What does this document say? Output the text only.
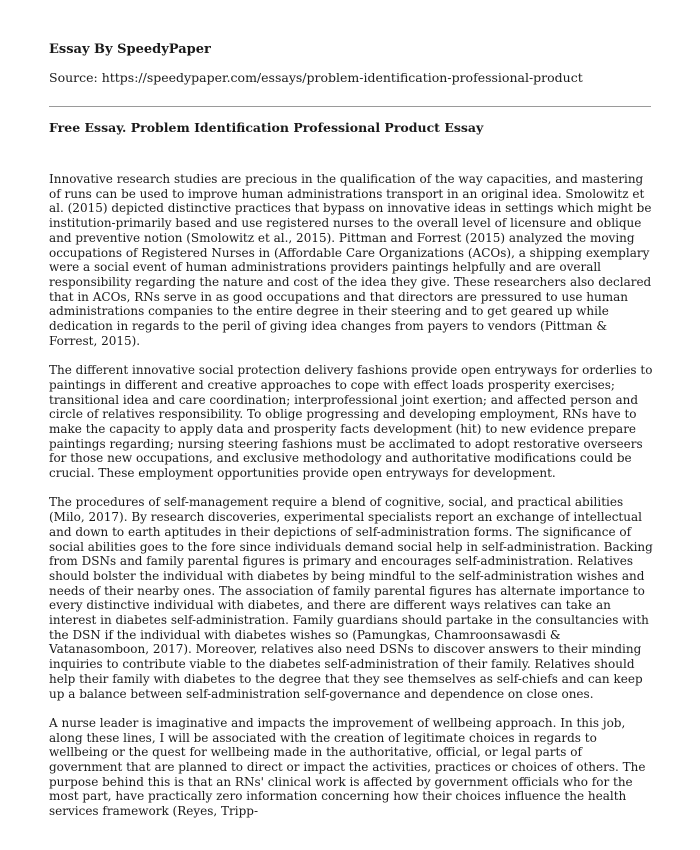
Essay By SpeedyPaper
Source: https://speedypaper.com/essays/problem-identification-professional-product
Free Essay. Problem Identification Professional Product Essay

Innovative research studies are precious in the qualification of the way capacities, and mastering of runs can be used to improve human administrations transport in an original idea. Smolowitz et al. (2015) depicted distinctive practices that bypass on innovative ideas in settings which might be institution-primarily based and use registered nurses to the overall level of licensure and oblique and preventive notion (Smolowitz et al., 2015). Pittman and Forrest (2015) analyzed the moving occupations of Registered Nurses in (Affordable Care Organizations (ACOs), a shipping exemplary were a social event of human administrations providers paintings helpfully and are overall responsibility regarding the nature and cost of the idea they give. These researchers also declared that in ACOs, RNs serve in as good occupations and that directors are pressured to use human administrations companies to the entire degree in their steering and to get geared up while dedication in regards to the peril of giving idea changes from payers to vendors (Pittman & Forrest, 2015).

The different innovative social protection delivery fashions provide open entryways for orderlies to paintings in different and creative approaches to cope with effect loads prosperity exercises; transitional idea and care coordination; interprofessional joint exertion; and affected person and circle of relatives responsibility. To oblige progressing and developing employment, RNs have to make the capacity to apply data and prosperity facts development (hit) to new evidence prepare paintings regarding; nursing steering fashions must be acclimated to adopt restorative overseers for those new occupations, and exclusive methodology and authoritative modifications could be crucial. These employment opportunities provide open entryways for development.

The procedures of self-management require a blend of cognitive, social, and practical abilities (Milo, 2017). By research discoveries, experimental specialists report an exchange of intellectual and down to earth aptitudes in their depictions of self-administration forms. The significance of social abilities goes to the fore since individuals demand social help in self-administration. Backing from DSNs and family parental figures is primary and encourages self-administration. Relatives should bolster the individual with diabetes by being mindful to the self-administration wishes and needs of their nearby ones. The association of family parental figures has alternate importance to every distinctive individual with diabetes, and there are different ways relatives can take an interest in diabetes self-administration. Family guardians should partake in the consultancies with the DSN if the individual with diabetes wishes so (Pamungkas, Chamroonsawasdi & Vatanasomboon, 2017). Moreover, relatives also need DSNs to discover answers to their minding inquiries to contribute viable to the diabetes self-administration of their family. Relatives should help their family with diabetes to the degree that they see themselves as self-chiefs and can keep up a balance between self-administration self-governance and dependence on close ones.

A nurse leader is imaginative and impacts the improvement of wellbeing approach. In this job, along these lines, I will be associated with the creation of legitimate choices in regards to wellbeing or the quest for wellbeing made in the authoritative, official, or legal parts of government that are planned to direct or impact the activities, practices or choices of others. The purpose behind this is that an RNs' clinical work is affected by government officials who for the most part, have practically zero information concerning how their choices influence the health services framework (Reyes, Tripp-
